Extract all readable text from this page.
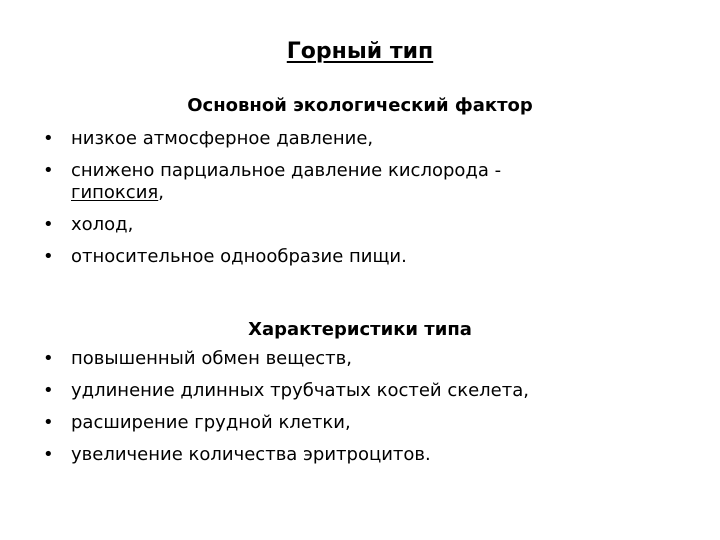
Горный тип
Основной экологический фактор
• низкое атмосферное давление,
• снижено парциальное давление кислорода -
гипоксия,
• холод,
• относительное однообразие пищи.
Характеристики типа
• повышенный обмен веществ,
• удлинение длинных трубчатых костей скелета,
• расширение грудной клетки,
• увеличение количества эритроцитов.
